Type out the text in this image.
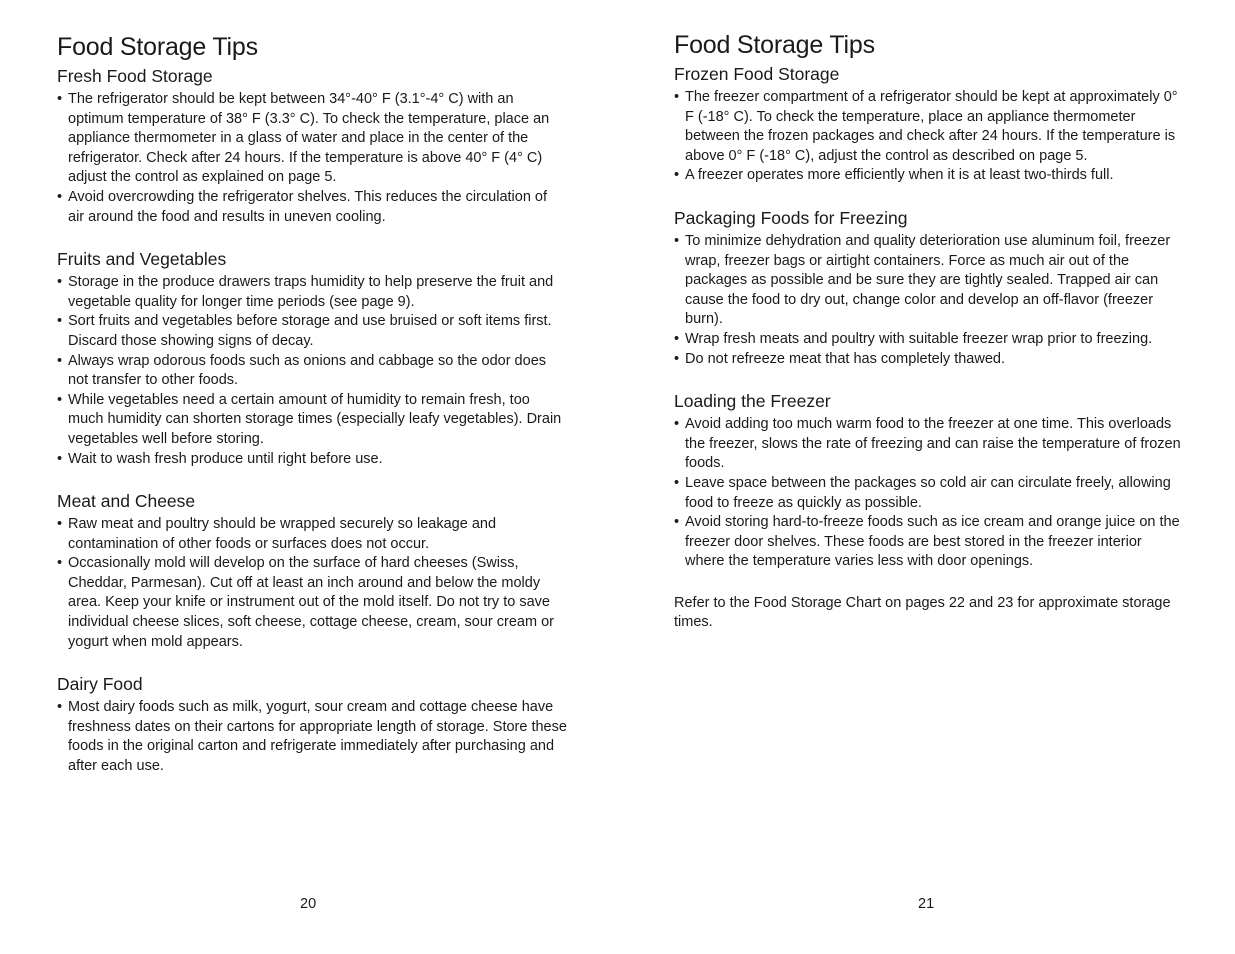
Food Storage Tips
Fresh Food Storage
• The refrigerator should be kept between 34°-40° F (3.1°-4° C) with an optimum temperature of 38° F (3.3° C). To check the temperature, place an appliance thermometer in a glass of water and place in the center of the refrigerator. Check after 24 hours. If the temperature is above 40° F (4° C) adjust the control as explained on page 5.
• Avoid overcrowding the refrigerator shelves. This reduces the circulation of air around the food and results in uneven cooling.
Fruits and Vegetables
• Storage in the produce drawers traps humidity to help preserve the fruit and vegetable quality for longer time periods (see page 9).
• Sort fruits and vegetables before storage and use bruised or soft items first. Discard those showing signs of decay.
• Always wrap odorous foods such as onions and cabbage so the odor does not transfer to other foods.
• While vegetables need a certain amount of humidity to remain fresh, too much humidity can shorten storage times (especially leafy vegetables). Drain vegetables well before storing.
• Wait to wash fresh produce until right before use.
Meat and Cheese
• Raw meat and poultry should be wrapped securely so leakage and contamination of other foods or surfaces does not occur.
• Occasionally mold will develop on the surface of hard cheeses (Swiss, Cheddar, Parmesan). Cut off at least an inch around and below the moldy area. Keep your knife or instrument out of the mold itself. Do not try to save individual cheese slices, soft cheese, cottage cheese, cream, sour cream or yogurt when mold appears.
Dairy Food
• Most dairy foods such as milk, yogurt, sour cream and cottage cheese have freshness dates on their cartons for appropriate length of storage. Store these foods in the original carton and refrigerate immediately after purchasing and after each use.
20
Food Storage Tips
Frozen Food Storage
• The freezer compartment of a refrigerator should be kept at approximately 0° F (-18° C). To check the temperature, place an appliance thermometer between the frozen packages and check after 24 hours. If the temperature is above 0° F (-18° C), adjust the control as described on page 5.
• A freezer operates more efficiently when it is at least two-thirds full.
Packaging Foods for Freezing
• To minimize dehydration and quality deterioration use aluminum foil, freezer wrap, freezer bags or airtight containers. Force as much air out of the packages as possible and be sure they are tightly sealed. Trapped air can cause the food to dry out, change color and develop an off-flavor (freezer burn).
• Wrap fresh meats and poultry with suitable freezer wrap prior to freezing.
• Do not refreeze meat that has completely thawed.
Loading the Freezer
• Avoid adding too much warm food to the freezer at one time. This overloads the freezer, slows the rate of freezing and can raise the temperature of frozen foods.
• Leave space between the packages so cold air can circulate freely, allowing food to freeze as quickly as possible.
• Avoid storing hard-to-freeze foods such as ice cream and orange juice on the freezer door shelves. These foods are best stored in the freezer interior where the temperature varies less with door openings.

Refer to the Food Storage Chart on pages 22 and 23 for approximate storage times.

21
